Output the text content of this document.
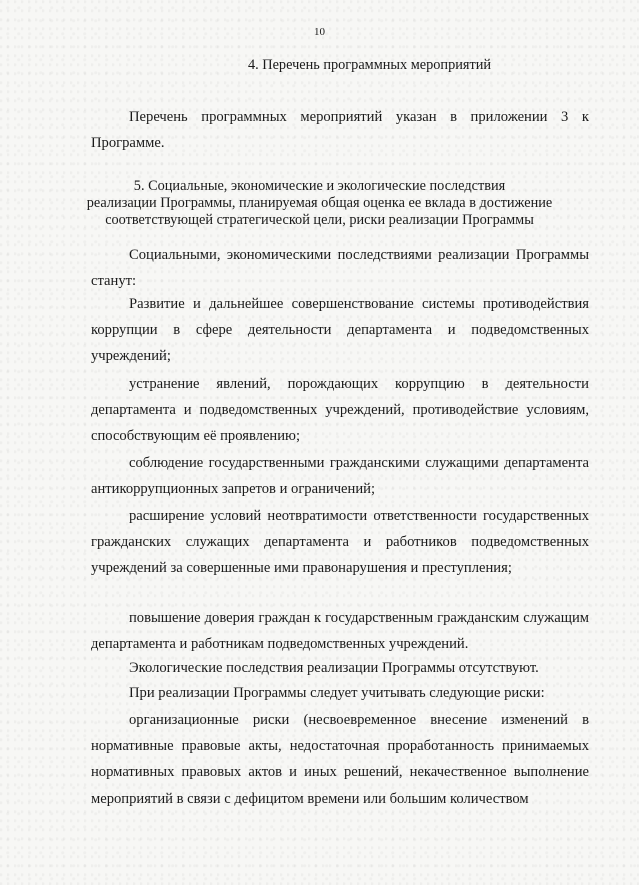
10
4. Перечень программных мероприятий
Перечень программных мероприятий указан в приложении 3 к Программе.
5. Социальные, экономические и экологические последствия
реализации Программы, планируемая общая оценка ее вклада в достижение
соответствующей стратегической цели, риски реализации Программы
Социальными, экономическими последствиями реализации Программы станут:
Развитие и дальнейшее совершенствование системы противодействия коррупции в сфере деятельности департамента и подведомственных учреждений;
устранение явлений, порождающих коррупцию в деятельности департамента и подведомственных учреждений, противодействие условиям, способствующим её проявлению;
соблюдение государственными гражданскими служащими департамента антикоррупционных запретов и ограничений;
расширение условий неотвратимости ответственности государственных гражданских служащих департамента и работников подведомственных учреждений за совершенные ими правонарушения и преступления;
повышение доверия граждан к государственным гражданским служащим департамента и работникам подведомственных учреждений.
Экологические последствия реализации Программы отсутствуют.
При реализации Программы следует учитывать следующие риски:
организационные риски (несвоевременное внесение изменений в нормативные правовые акты, недостаточная проработанность принимаемых нормативных правовых актов и иных решений, некачественное выполнение мероприятий в связи с дефицитом времени или большим количеством
